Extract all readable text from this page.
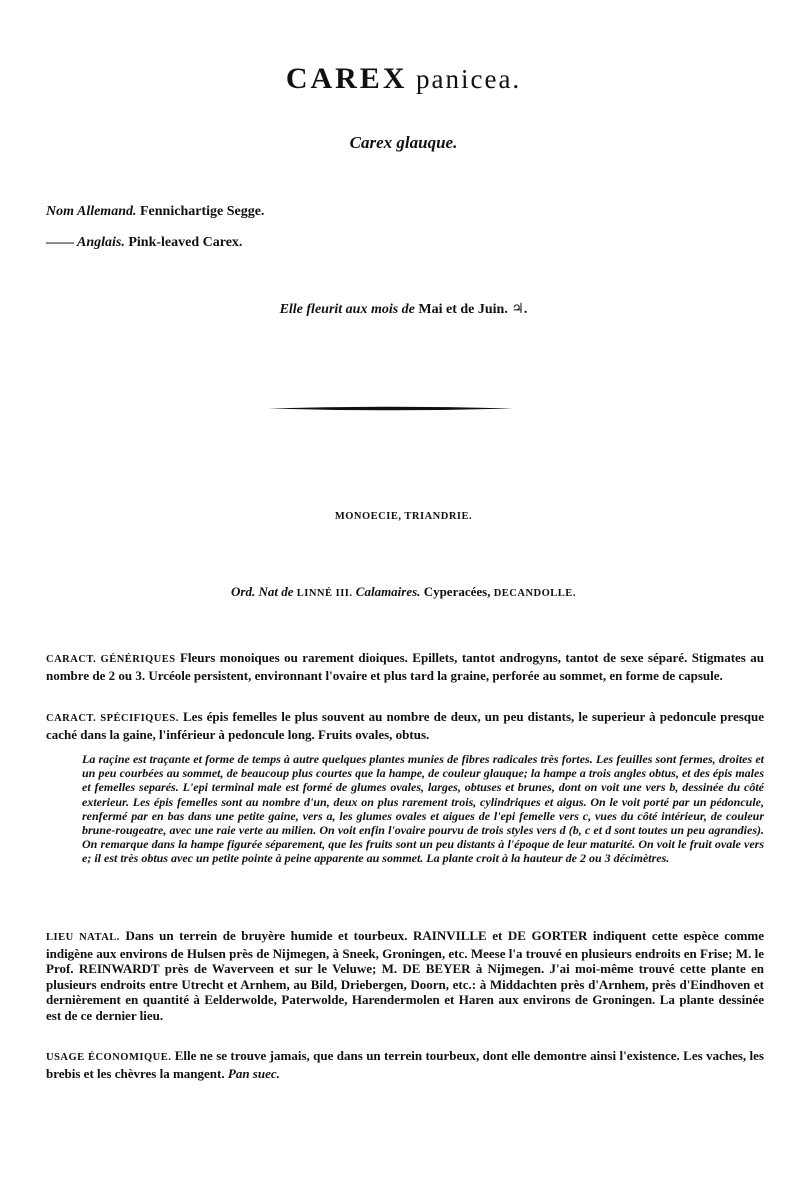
CAREX panicea.
Carex glauque.
Nom Allemand. Fennichartige Segge.
—— Anglais. Pink-leaved Carex.
Elle fleurit aux mois de Mai et de Juin. ♃.
MONOECIE, TRIANDRIE.
Ord. Nat de LINNÉ III. Calamaires. Cyperacées, DECANDOLLE.
CARACT. GÉNÉRIQUES Fleurs monoiques ou rarement dioiques. Epillets, tantot androgyns, tantot de sexe séparé. Stigmates au nombre de 2 ou 3. Urcéole persistent, environnant l'ovaire et plus tard la graine, perforée au sommet, en forme de capsule.
CARACT. SPÉCIFIQUES. Les épis femelles le plus souvent au nombre de deux, un peu distants, le superieur à pedoncule presque caché dans la gaine, l'inférieur à pedoncule long. Fruits ovales, obtus.
La raçine est traçante et forme de temps à autre quelques plantes munies de fibres radicales très fortes. Les feuilles sont fermes, droites et un peu courbées au sommet, de beaucoup plus courtes que la hampe, de couleur glauque; la hampe a trois angles obtus, et des épis males et femelles separés. L'epi terminal male est formé de glumes ovales, larges, obtuses et brunes, dont on voit une vers b, dessinée du côté exterieur. Les épis femelles sont au nombre d'un, deux on plus rarement trois, cylindriques et aigus. On le voit porté par un pédoncule, renfermé par en bas dans une petite gaine, vers a, les glumes ovales et aigues de l'epi femelle vers c, vues du côté intérieur, de couleur brune-rougeatre, avec une raie verte au milien. On voit enfin l'ovaire pourvu de trois styles vers d (b, c et d sont toutes un peu agrandies). On remarque dans la hampe figurée séparement, que les fruits sont un peu distants à l'époque de leur maturité. On voit le fruit ovale vers e; il est très obtus avec un petite pointe à peine apparente au sommet. La plante croit à la hauteur de 2 ou 3 décimètres.
LIEU NATAL. Dans un terrein de bruyère humide et tourbeux. RAINVILLE et DE GORTER indiquent cette espèce comme indigène aux environs de Hulsen près de Nijmegen, à Sneek, Groningen, etc. Meese l'a trouvé en plusieurs endroits en Frise; M. le Prof. REINWARDT près de Waverveen et sur le Veluwe; M. DE BEYER à Nijmegen. J'ai moi-même trouvé cette plante en plusieurs endroits entre Utrecht et Arnhem, au Bild, Driebergen, Doorn, etc.: à Middachten près d'Arnhem, près d'Eindhoven et dernièrement en quantité à Eelderwolde, Paterwolde, Harendermolen et Haren aux environs de Groningen. La plante dessinée est de ce dernier lieu.
USAGE ÉCONOMIQUE. Elle ne se trouve jamais, que dans un terrein tourbeux, dont elle demontre ainsi l'existence. Les vaches, les brebis et les chèvres la mangent. Pan suec.
